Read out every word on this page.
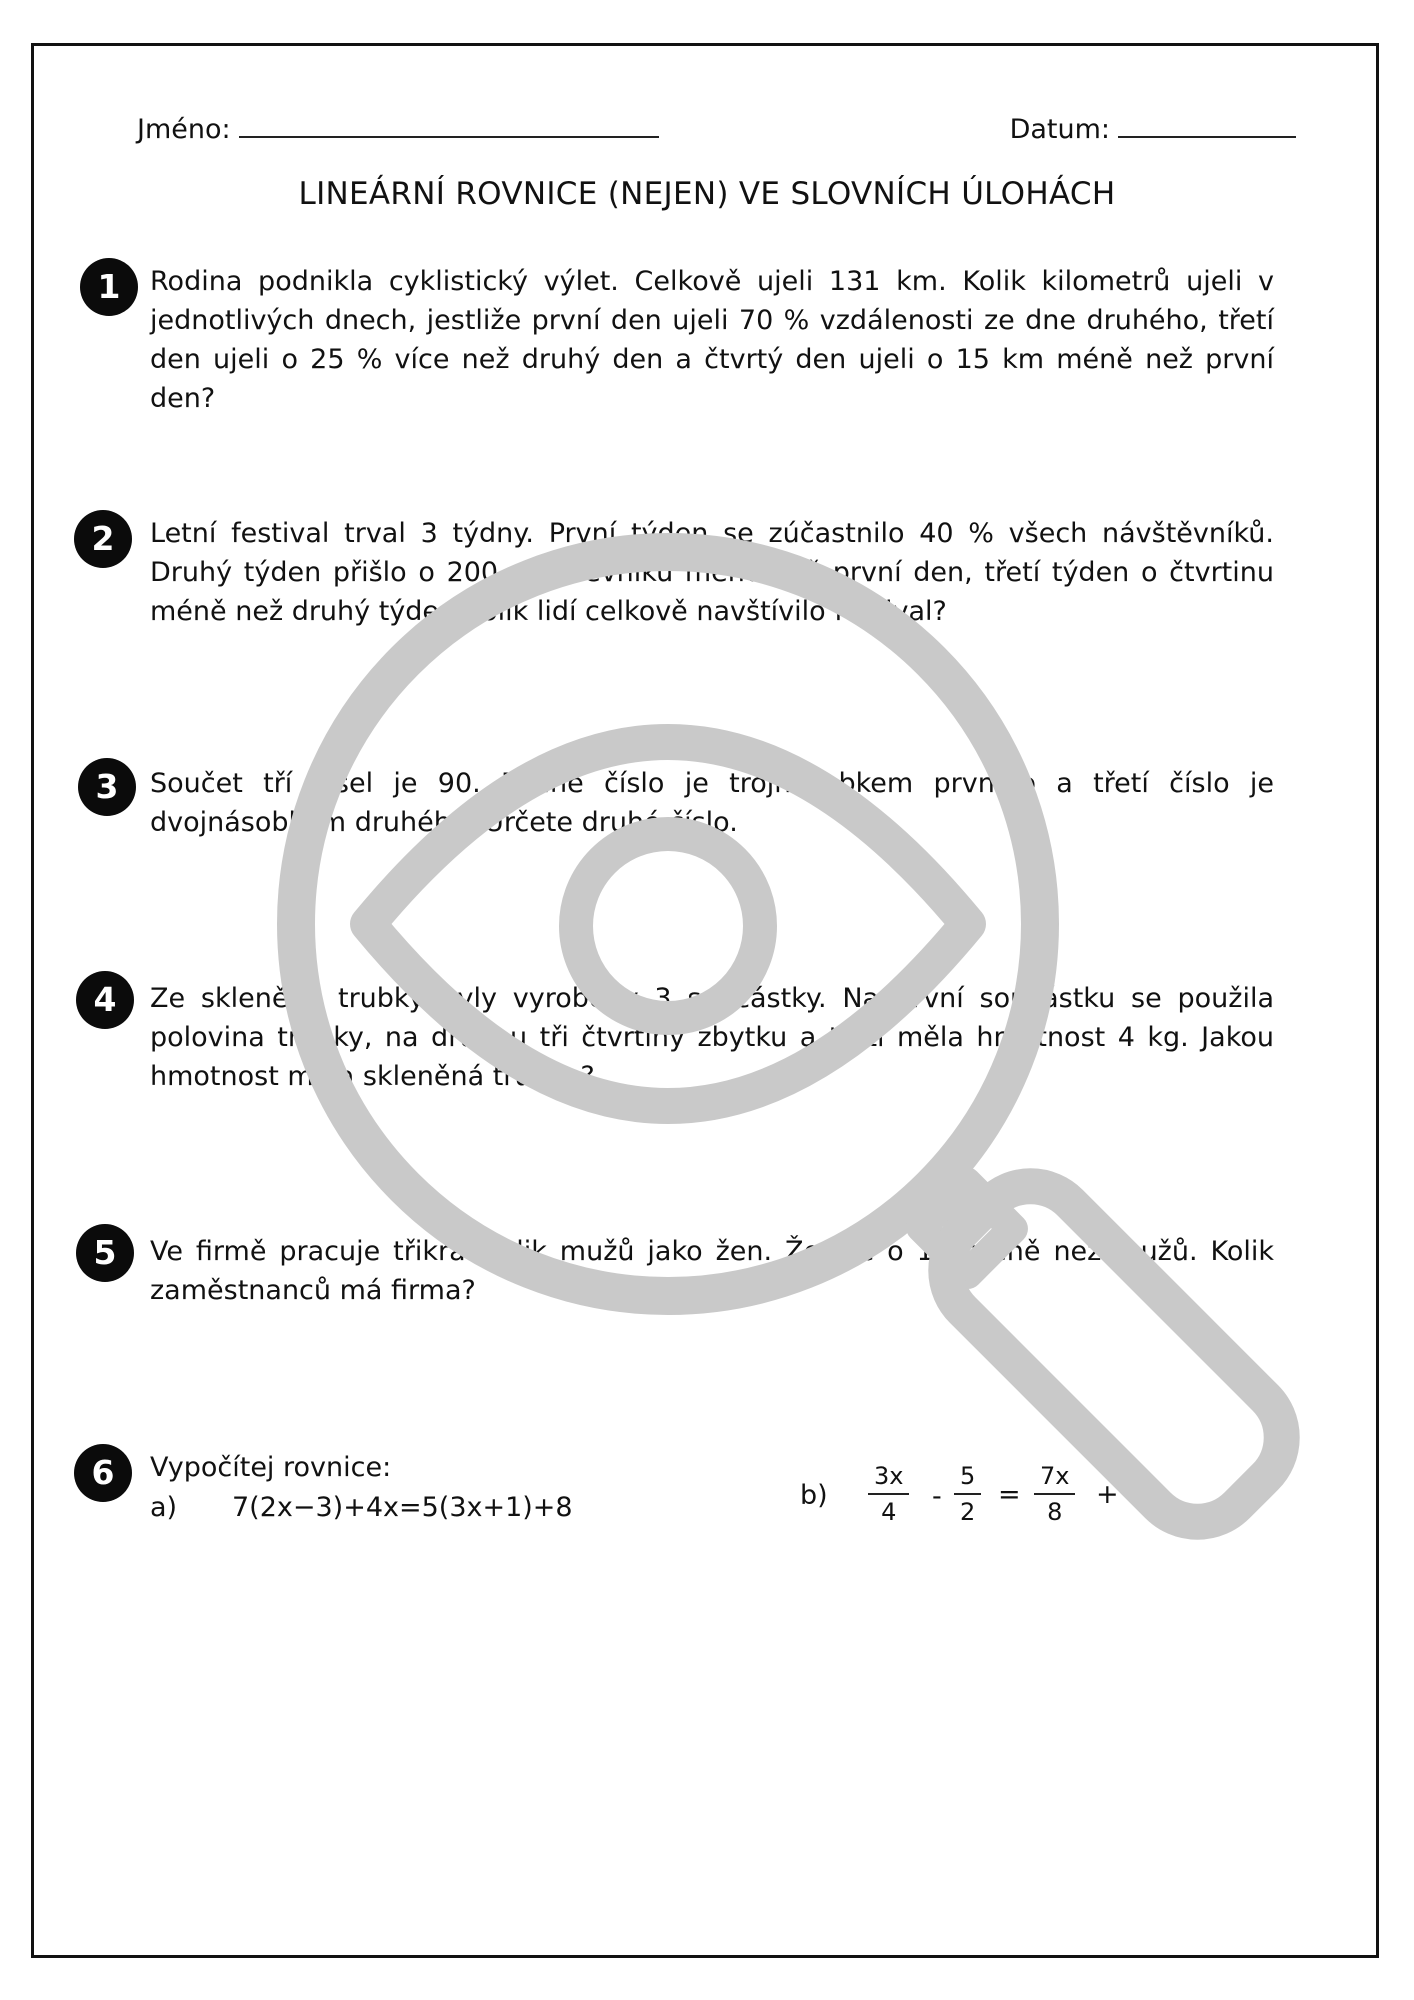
Jméno:	Datum:
LINEÁRNÍ ROVNICE (NEJEN) VE SLOVNÍCH ÚLOHÁCH
1	Rodina podnikla cyklistický výlet. Celkově ujeli 131 km. Kolik kilometrů ujeli v jednotlivých dnech, jestliže první den ujeli 70 % vzdálenosti ze dne druhého, třetí den ujeli o 25 % více než druhý den a čtvrtý den ujeli o 15 km méně než první den?
2	Letní festival trval 3 týdny. První týden se zúčastnilo 40 % všech návštěvníků. Druhý týden přišlo o 200 návštěvníků méně než první den, třetí týden o čtvrtinu méně než druhý týden Kolik lidí celkově navštívilo festival?
3	Součet tří čísel je 90. Druhé číslo je trojnásobkem prvního a třetí číslo je dvojnásobkem druhého. Určete druhé číslo.
4	Ze skleněné trubky byly vyrobeny 3 součástky. Na první součástku se použila polovina trubky, na druhou tři čtvrtiny zbytku a třetí měla hmotnost 4 kg. Jakou hmotnost měla skleněná trubka?
5	Ve firmě pracuje třikrát tolik mužů jako žen. Žen je o 12 méně než mužů. Kolik zaměstnanců má firma?
6	Vypočítej rovnice:
a) 7(2x−3)+4x=5(3x+1)+8	$b) \frac{3x}{4} - \frac{5}{2} = \frac{7x}{8}$ +
